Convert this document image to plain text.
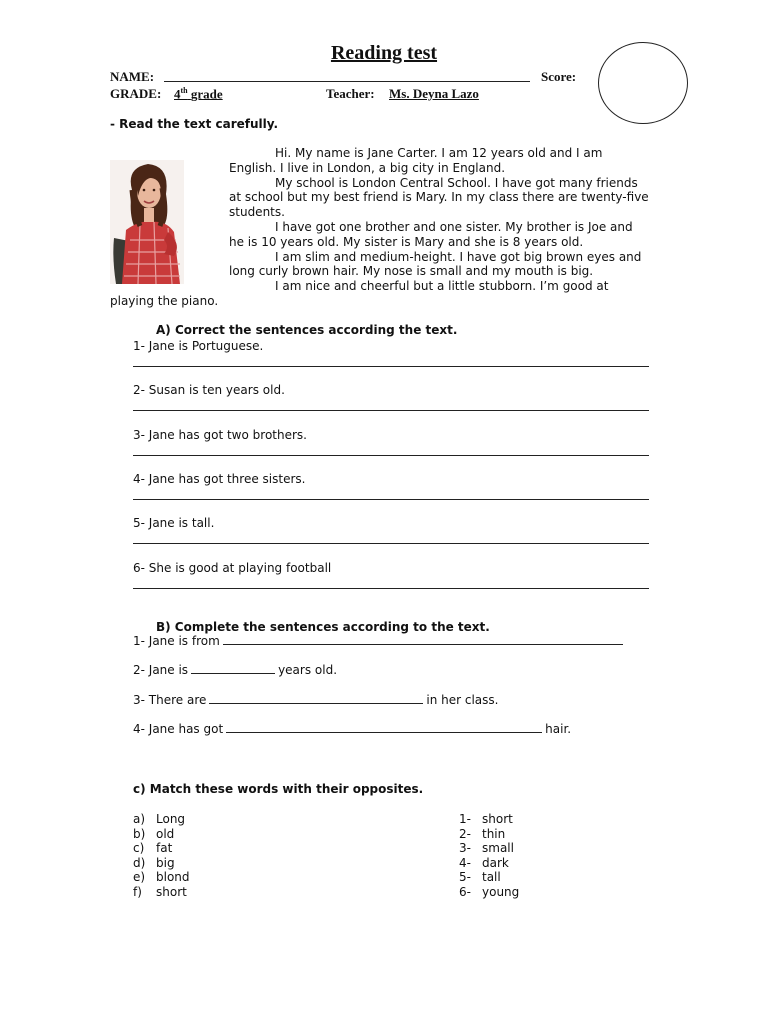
Reading test
NAME:	Score:
GRADE: 4th grade	Teacher: Ms. Deyna Lazo
- Read the text carefully.

Hi. My name is Jane Carter. I am 12 years old and I am English. I live in London, a big city in England.

My school is London Central School. I have got many friends at school but my best friend is Mary. In my class there are twenty-five students.

I have got one brother and one sister. My brother is Joe and he is 10 years old. My sister is Mary and she is 8 years old.

I am slim and medium-height. I have got big brown eyes and long curly brown hair. My nose is small and my mouth is big.

I am nice and cheerful but a little stubborn. I’m good at

playing the piano.
A) Correct the sentences according the text.
1- Jane is Portuguese.
2- Susan is ten years old.
3- Jane has got two brothers.
4- Jane has got three sisters.
5- Jane is tall.
6- She is good at playing football
B) Complete the sentences according to the text.
1- Jane is from
2- Jane is	years old.
3- There are	in her class.
4- Jane has got	hair.
c) Match these words with their opposites.
a) Long
b) old
c) fat
d) big
e) blond
f) short
1- short
2- thin
3- small
4- dark
5- tall
6- young
